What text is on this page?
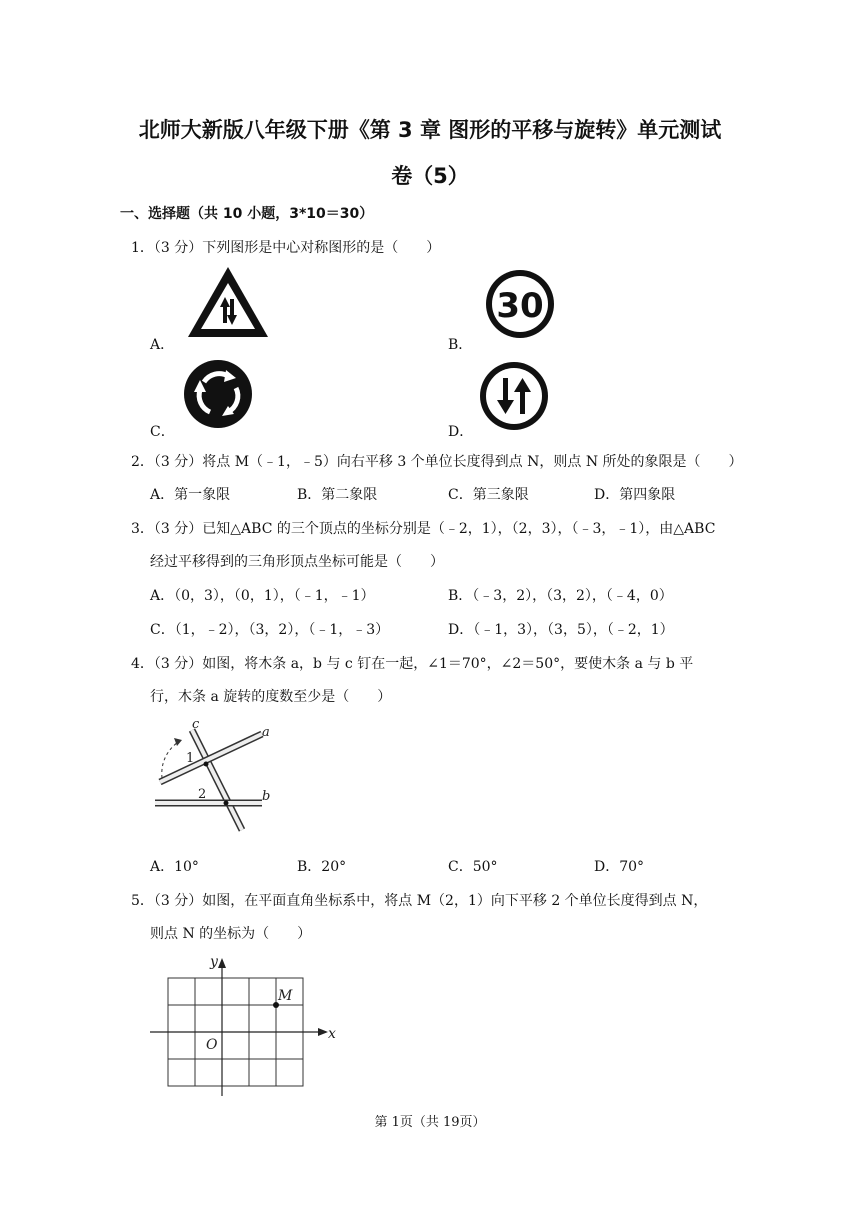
北师大新版八年级下册《第 3 章 图形的平移与旋转》单元测试
卷（5）
一、选择题（共 10 小题，3*10＝30）
1．（3 分）下列图形是中心对称图形的是（　　）
A．	B．
30
C．	D．
2．（3 分）将点 M（﹣1，﹣5）向右平移 3 个单位长度得到点 N，则点 N 所处的象限是（　　）
A．第一象限	B．第二象限	C．第三象限	D．第四象限
3．（3 分）已知△ABC 的三个顶点的坐标分别是（﹣2，1），（2，3），（﹣3，﹣1），由△ABC
经过平移得到的三角形顶点坐标可能是（　　）
A．（0，3），（0，1），（﹣1，﹣1）	B．（﹣3，2），（3，2），（﹣4，0）
C．（1，﹣2），（3，2），（﹣1，﹣3）	D．（﹣1，3），（3，5），（﹣2，1）
4．（3 分）如图，将木条 a，b 与 c 钉在一起，∠1＝70°，∠2＝50°，要使木条 a 与 b 平
行，木条 a 旋转的度数至少是（　　）
c
a
1
2	b
A．10°	B．20°	C．50°	D．70°
5．（3 分）如图，在平面直角坐标系中，将点 M（2，1）向下平移 2 个单位长度得到点 N，
则点 N 的坐标为（　　）
y
x
O
M
第 1页（共 19页）
